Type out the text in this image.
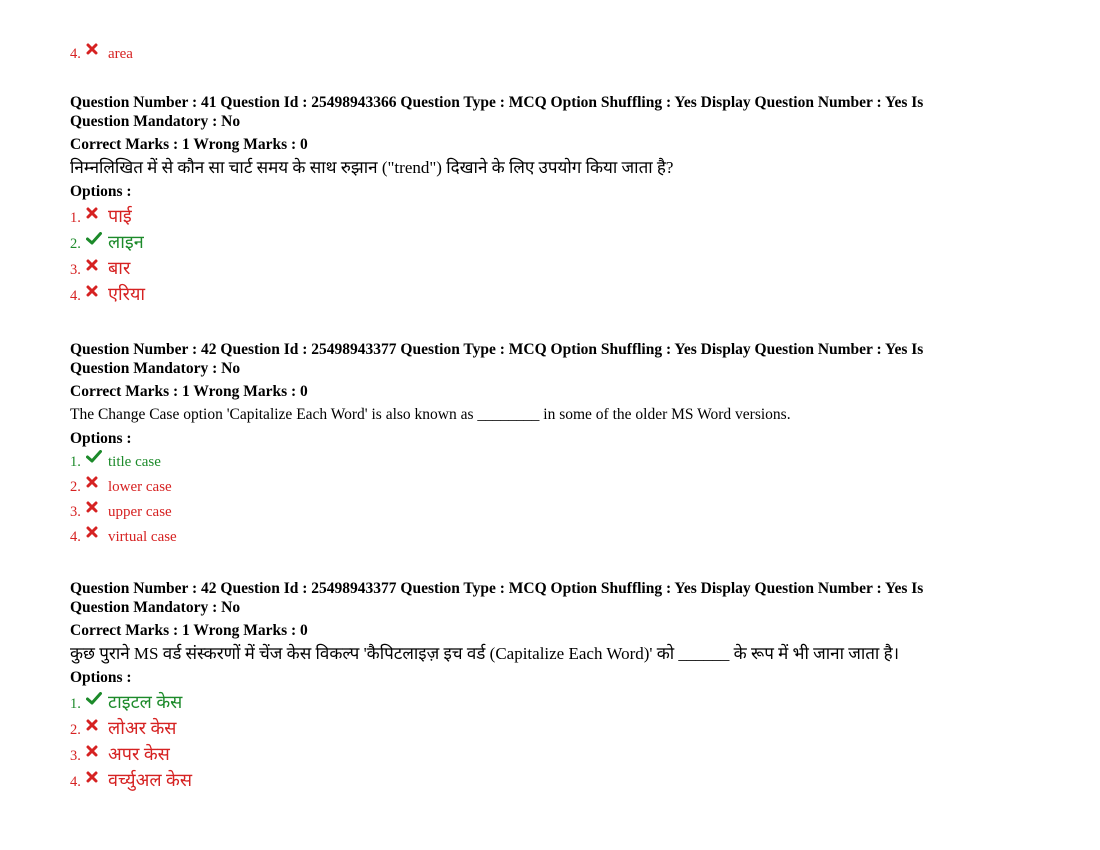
4.	area

Question Number : 41 Question Id : 25498943366 Question Type : MCQ Option Shuffling : Yes Display Question Number : Yes Is

Question Mandatory : No

Correct Marks : 1 Wrong Marks : 0

निम्नलिखित में से कौन सा चार्ट समय के साथ रुझान ("trend") दिखाने के लिए उपयोग किया जाता है?

Options :

1. पाई
2. लाइन
3. बार
4. एरिया

Question Number : 42 Question Id : 25498943377 Question Type : MCQ Option Shuffling : Yes Display Question Number : Yes Is

Question Mandatory : No

Correct Marks : 1 Wrong Marks : 0

The Change Case option 'Capitalize Each Word' is also known as ________ in some of the older MS Word versions.

Options :

1.	title case
2.	lower case
3.	upper case
4.	virtual case

Question Number : 42 Question Id : 25498943377 Question Type : MCQ Option Shuffling : Yes Display Question Number : Yes Is

Question Mandatory : No

Correct Marks : 1 Wrong Marks : 0

कुछ पुराने MS वर्ड संस्करणों में चेंज केस विकल्प 'कैपिटलाइज़ इच वर्ड (Capitalize Each Word)' को ______ के रूप में भी जाना जाता है।

Options :

1. टाइटल केस
2. लोअर केस
3. अपर केस
4. वर्च्युअल केस
